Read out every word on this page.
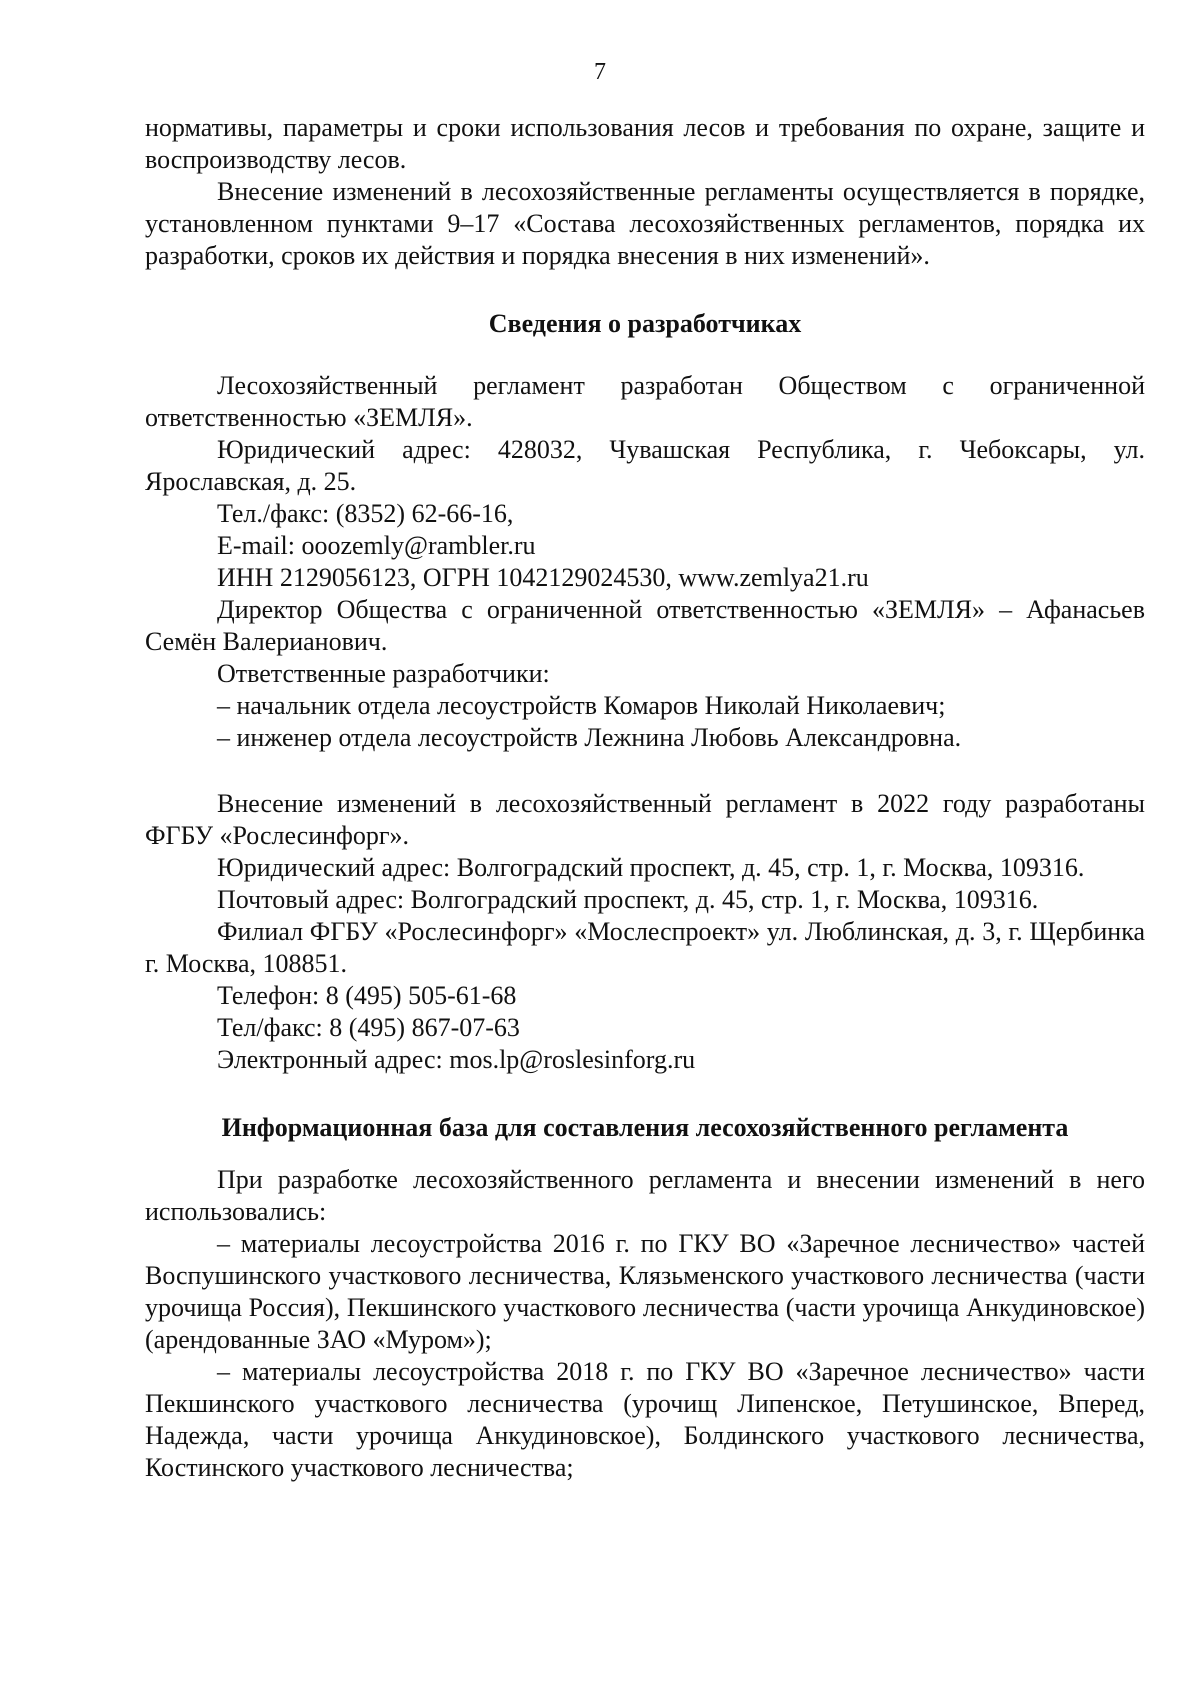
7

нормативы, параметры и сроки использования лесов и требования по охране, защите и воспроизводству лесов.

Внесение изменений в лесохозяйственные регламенты осуществляется в порядке, установленном пунктами 9–17 «Состава лесохозяйственных регламентов, порядка их разработки, сроков их действия и порядка внесения в них изменений».

Сведения о разработчиках

Лесохозяйственный регламент разработан Обществом с ограниченной ответственностью «ЗЕМЛЯ».

Юридический адрес: 428032, Чувашская Республика, г. Чебоксары, ул. Ярославская, д. 25.

Тел./факс: (8352) 62-66-16,

E-mail: ooozemly@rambler.ru

ИНН 2129056123, ОГРН 1042129024530, www.zemlya21.ru

Директор Общества с ограниченной ответственностью «ЗЕМЛЯ» – Афанасьев Семён Валерианович.

Ответственные разработчики:

– начальник отдела лесоустройств Комаров Николай Николаевич;

– инженер отдела лесоустройств Лежнина Любовь Александровна.

Внесение изменений в лесохозяйственный регламент в 2022 году разработаны ФГБУ «Рослесинфорг».

Юридический адрес: Волгоградский проспект, д. 45, стр. 1, г. Москва, 109316.

Почтовый адрес: Волгоградский проспект, д. 45, стр. 1, г. Москва, 109316.

Филиал ФГБУ «Рослесинфорг» «Мослеспроект» ул. Люблинская, д. 3, г. Щербинка г. Москва, 108851.

Телефон: 8 (495) 505-61-68

Тел/факс: 8 (495) 867-07-63

Электронный адрес: mos.lp@roslesinforg.ru

Информационная база для составления лесохозяйственного регламента

При разработке лесохозяйственного регламента и внесении изменений в него использовались:

– материалы лесоустройства 2016 г. по ГКУ ВО «Заречное лесничество» частей Воспушинского участкового лесничества, Клязьменского участкового лесничества (части урочища Россия), Пекшинского участкового лесничества (части урочища Анкудиновское) (арендованные ЗАО «Муром»);

– материалы лесоустройства 2018 г. по ГКУ ВО «Заречное лесничество» части Пекшинского участкового лесничества (урочищ Липенское, Петушинское, Вперед, Надежда, части урочища Анкудиновское), Болдинского участкового лесничества, Костинского участкового лесничества;
